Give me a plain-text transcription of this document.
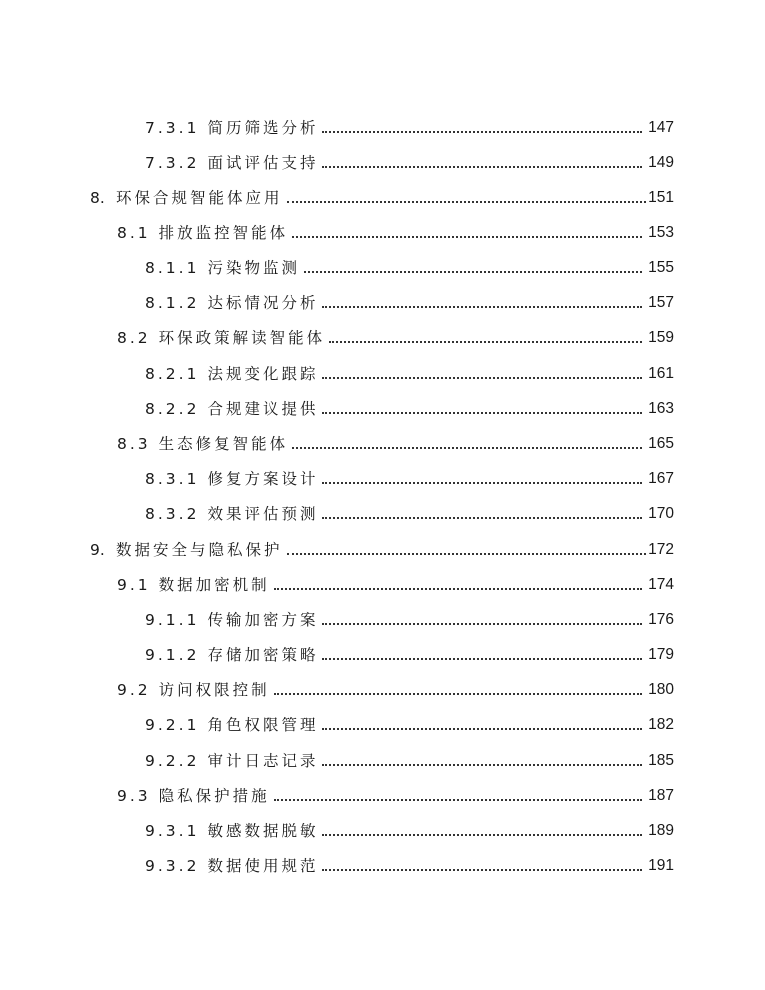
7.3.1 简历筛选分析	147
7.3.2 面试评估支持	149
8. 环保合规智能体应用	151
8.1 排放监控智能体	153
8.1.1 污染物监测	155
8.1.2 达标情况分析	157
8.2 环保政策解读智能体	159
8.2.1 法规变化跟踪	161
8.2.2 合规建议提供	163
8.3 生态修复智能体	165
8.3.1 修复方案设计	167
8.3.2 效果评估预测	170
9. 数据安全与隐私保护	172
9.1 数据加密机制	174
9.1.1 传输加密方案	176
9.1.2 存储加密策略	179
9.2 访问权限控制	180
9.2.1 角色权限管理	182
9.2.2 审计日志记录	185
9.3 隐私保护措施	187
9.3.1 敏感数据脱敏	189
9.3.2 数据使用规范	191
